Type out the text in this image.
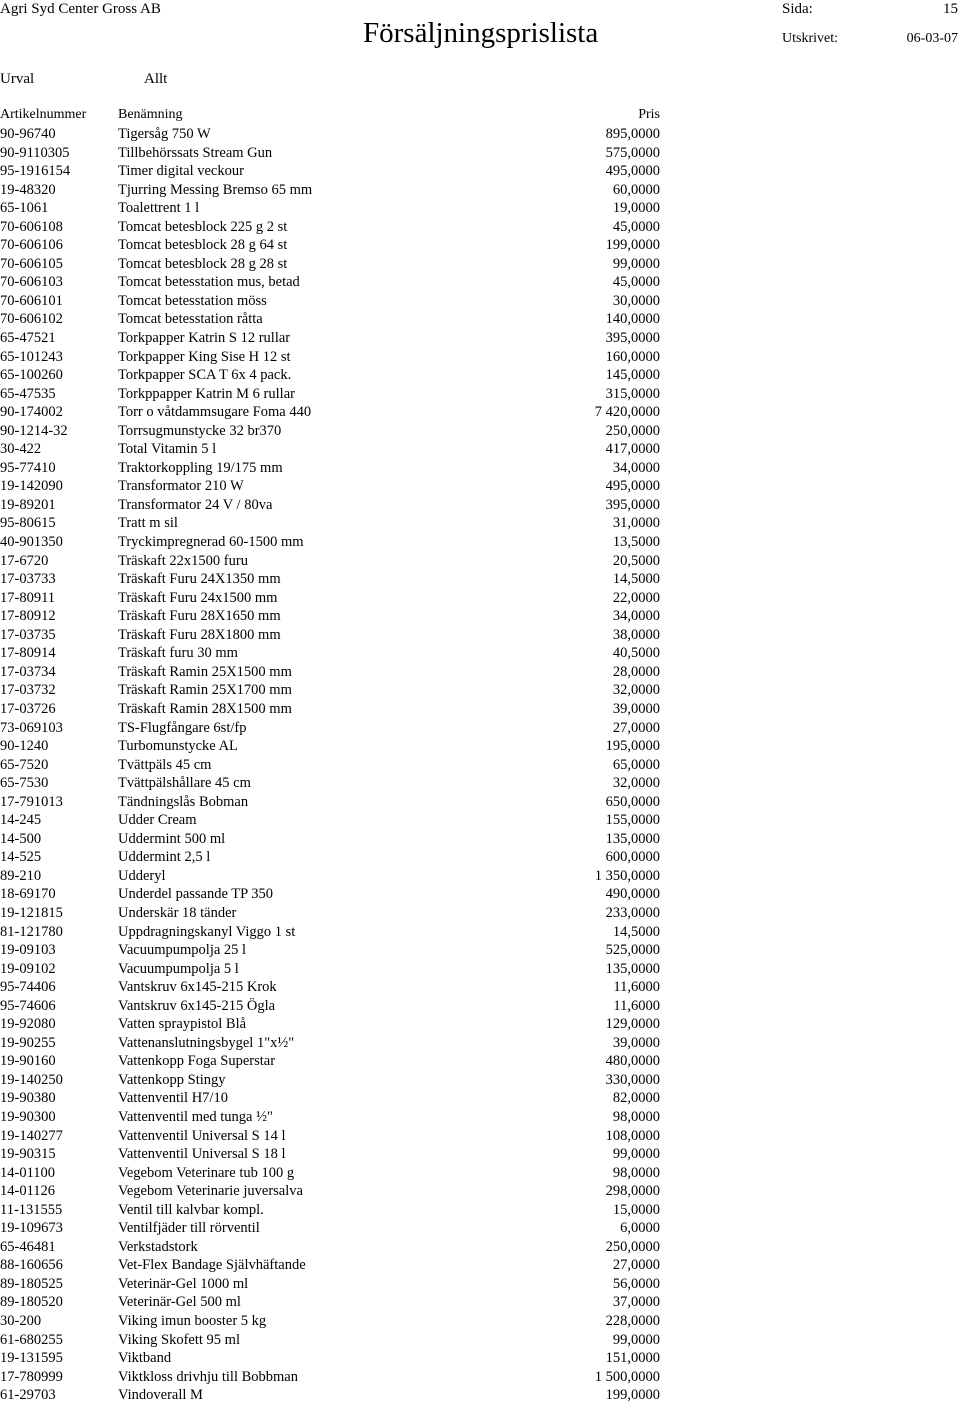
Agri Syd Center Gross AB
Försäljningsprislista
Sida:	15
Utskrivet:	06-03-07
Urval	Allt
Artikelnummer Benämning	Pris
90-96740	Tigersåg 750 W	895,0000
90-9110305	Tillbehörssats Stream Gun	575,0000
95-1916154	Timer digital veckour	495,0000
19-48320	Tjurring Messing Bremso 65 mm	60,0000
65-1061	Toalettrent 1 l	19,0000
70-606108	Tomcat betesblock 225 g 2 st	45,0000
70-606106	Tomcat betesblock 28 g 64 st	199,0000
70-606105	Tomcat betesblock 28 g 28 st	99,0000
70-606103	Tomcat betesstation mus, betad	45,0000
70-606101	Tomcat betesstation möss	30,0000
70-606102	Tomcat betesstation råtta	140,0000
65-47521	Torkpapper Katrin S 12 rullar	395,0000
65-101243	Torkpapper King Sise H 12 st	160,0000
65-100260	Torkpapper SCA T 6x 4 pack.	145,0000
65-47535	Torkppapper Katrin M 6 rullar	315,0000
90-174002	Torr o våtdammsugare Foma 440	7 420,0000
90-1214-32	Torrsugmunstycke 32 br370	250,0000
30-422	Total Vitamin 5 l	417,0000
95-77410	Traktorkoppling 19/175 mm	34,0000
19-142090	Transformator 210 W	495,0000
19-89201	Transformator 24 V / 80va	395,0000
95-80615	Tratt m sil	31,0000
40-901350	Tryckimpregnerad 60-1500 mm	13,5000
17-6720	Träskaft 22x1500 furu	20,5000
17-03733	Träskaft Furu 24X1350 mm	14,5000
17-80911	Träskaft Furu 24x1500 mm	22,0000
17-80912	Träskaft Furu 28X1650 mm	34,0000
17-03735	Träskaft Furu 28X1800 mm	38,0000
17-80914	Träskaft furu 30 mm	40,5000
17-03734	Träskaft Ramin 25X1500 mm	28,0000
17-03732	Träskaft Ramin 25X1700 mm	32,0000
17-03726	Träskaft Ramin 28X1500 mm	39,0000
73-069103	TS-Flugfångare 6st/fp	27,0000
90-1240	Turbomunstycke AL	195,0000
65-7520	Tvättpäls 45 cm	65,0000
65-7530	Tvättpälshållare 45 cm	32,0000
17-791013	Tändningslås Bobman	650,0000
14-245	Udder Cream	155,0000
14-500	Uddermint 500 ml	135,0000
14-525	Uddermint 2,5 l	600,0000
89-210	Udderyl	1 350,0000
18-69170	Underdel passande TP 350	490,0000
19-121815	Underskär 18 tänder	233,0000
81-121780	Uppdragningskanyl Viggo 1 st	14,5000
19-09103	Vacuumpumpolja 25 l	525,0000
19-09102	Vacuumpumpolja 5 l	135,0000
95-74406	Vantskruv 6x145-215 Krok	11,6000
95-74606	Vantskruv 6x145-215 Ögla	11,6000
19-92080	Vatten spraypistol Blå	129,0000
19-90255	Vattenanslutningsbygel 1"x½"	39,0000
19-90160	Vattenkopp Foga Superstar	480,0000
19-140250	Vattenkopp Stingy	330,0000
19-90380	Vattenventil H7/10	82,0000
19-90300	Vattenventil med tunga ½"	98,0000
19-140277	Vattenventil Universal S 14 l	108,0000
19-90315	Vattenventil Universal S 18 l	99,0000
14-01100	Vegebom Veterinare tub 100 g	98,0000
14-01126	Vegebom Veterinarie juversalva	298,0000
11-131555	Ventil till kalvbar kompl.	15,0000
19-109673	Ventilfjäder till rörventil	6,0000
65-46481	Verkstadstork	250,0000
88-160656	Vet-Flex Bandage Självhäftande	27,0000
89-180525	Veterinär-Gel 1000 ml	56,0000
89-180520	Veterinär-Gel 500 ml	37,0000
30-200	Viking imun booster 5 kg	228,0000
61-680255	Viking Skofett 95 ml	99,0000
19-131595	Viktband	151,0000
17-780999	Viktkloss drivhju till Bobbman	1 500,0000
61-29703	Vindoverall M	199,0000
